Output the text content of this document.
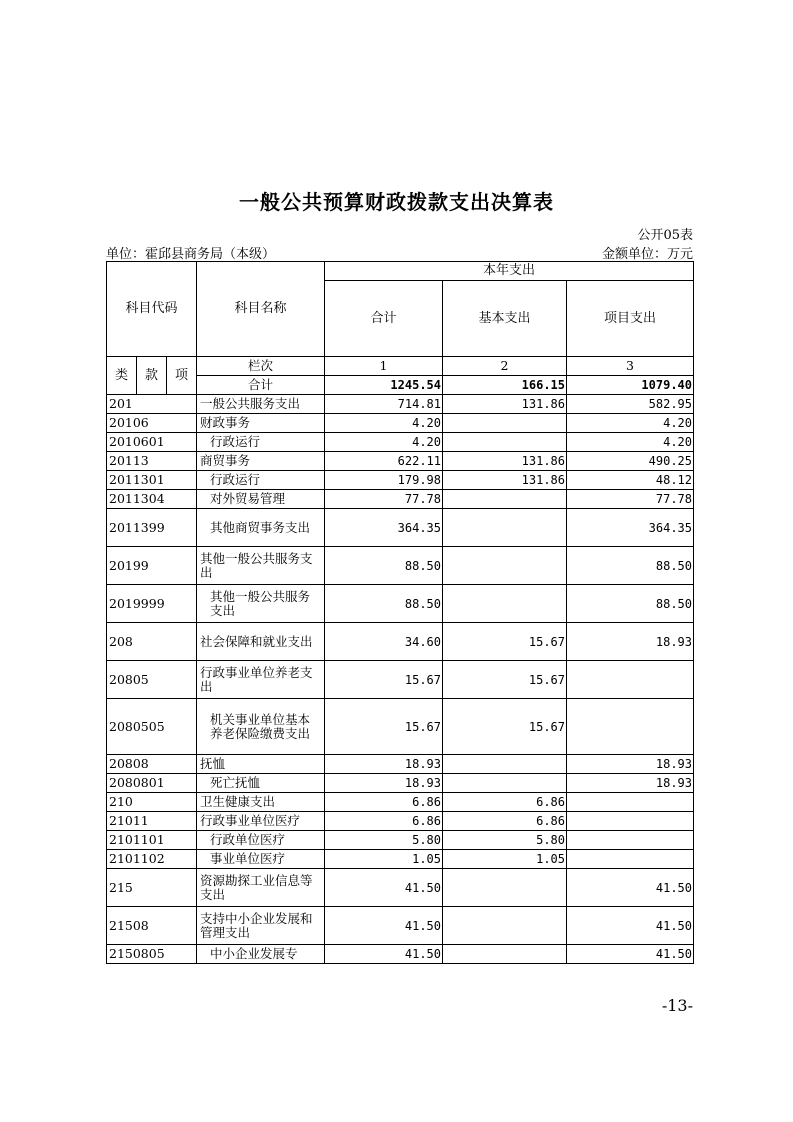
一般公共预算财政拨款支出决算表
公开05表
单位：霍邱县商务局（本级）	金额单位：万元
科目代码			科目名称	本年支出		
				合计	基本支出	项目支出

类	款	项	栏次	1	2	3
			合计	1245.54	166.15	1079.40
201			一般公共服务支出	714.81	131.86	582.95
20106			财政事务	4.20		4.20
2010601			行政运行	4.20		4.20
20113			商贸事务	622.11	131.86	490.25
2011301			行政运行	179.98	131.86	48.12
2011304			对外贸易管理	77.78		77.78
2011399			其他商贸事务支出	364.35		364.35
20199			其他一般公共服务支出	88.50		88.50
2019999			其他一般公共服务支出	88.50		88.50
208			社会保障和就业支出	34.60	15.67	18.93
20805			行政事业单位养老支出	15.67	15.67	
2080505			机关事业单位基本养老保险缴费支出	15.67	15.67	
20808			抚恤	18.93		18.93
2080801			死亡抚恤	18.93		18.93
210			卫生健康支出	6.86	6.86	
21011			行政事业单位医疗	6.86	6.86	
2101101			行政单位医疗	5.80	5.80	
2101102			事业单位医疗	1.05	1.05	
215			资源勘探工业信息等支出	41.50		41.50
21508			支持中小企业发展和管理支出	41.50		41.50
2150805			中小企业发展专	41.50		41.50
-13-
